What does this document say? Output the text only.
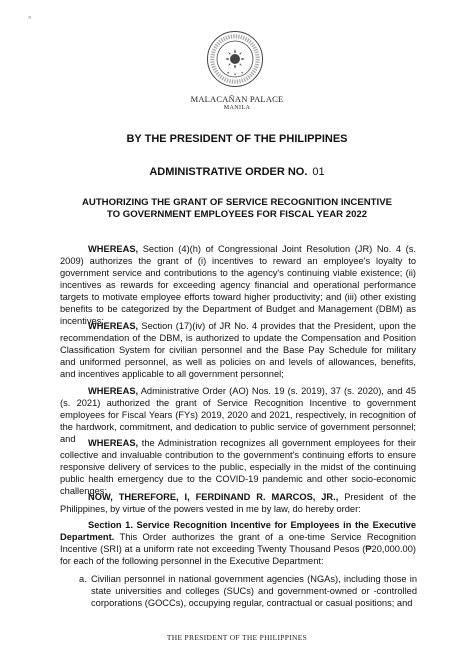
»
MALACAÑAN PALACE
MANILA
BY THE PRESIDENT OF THE PHILIPPINES
ADMINISTRATIVE ORDER NO. 01
AUTHORIZING THE GRANT OF SERVICE RECOGNITION INCENTIVE TO GOVERNMENT EMPLOYEES FOR FISCAL YEAR 2022
WHEREAS, Section (4)(h) of Congressional Joint Resolution (JR) No. 4 (s. 2009) authorizes the grant of (i) incentives to reward an employee's loyalty to government service and contributions to the agency's continuing viable existence; (ii) incentives as rewards for exceeding agency financial and operational performance targets to motivate employee efforts toward higher productivity; and (iii) other existing benefits to be categorized by the Department of Budget and Management (DBM) as incentives;
WHEREAS, Section (17)(iv) of JR No. 4 provides that the President, upon the recommendation of the DBM, is authorized to update the Compensation and Position Classification System for civilian personnel and the Base Pay Schedule for military and uniformed personnel, as well as policies on and levels of allowances, benefits, and incentives applicable to all government personnel;
WHEREAS, Administrative Order (AO) Nos. 19 (s. 2019), 37 (s. 2020), and 45 (s. 2021) authorized the grant of Service Recognition Incentive to government employees for Fiscal Years (FYs) 2019, 2020 and 2021, respectively, in recognition of the hardwork, commitment, and dedication to public service of government personnel; and	WHEREAS, the Administration recognizes all government employees for their collective and invaluable contribution to the government's continuing efforts to ensure responsive delivery of services to the public, especially in the midst of the continuing public health emergency due to the COVID-19 pandemic and other socio-economic challenges;
NOW, THEREFORE, I, FERDINAND R. MARCOS, JR., President of the Philippines, by virtue of the powers vested in me by law, do hereby order:
Section 1. Service Recognition Incentive for Employees in the Executive Department. This Order authorizes the grant of a one-time Service Recognition Incentive (SRI) at a uniform rate not exceeding Twenty Thousand Pesos (₱20,000.00) for each of the following personnel in the Executive Department:
a. Civilian personnel in national government agencies (NGAs), including those in state universities and colleges (SUCs) and government-owned or -controlled corporations (GOCCs), occupying regular, contractual or casual positions; and
THE PRESIDENT OF THE PHILIPPINES
